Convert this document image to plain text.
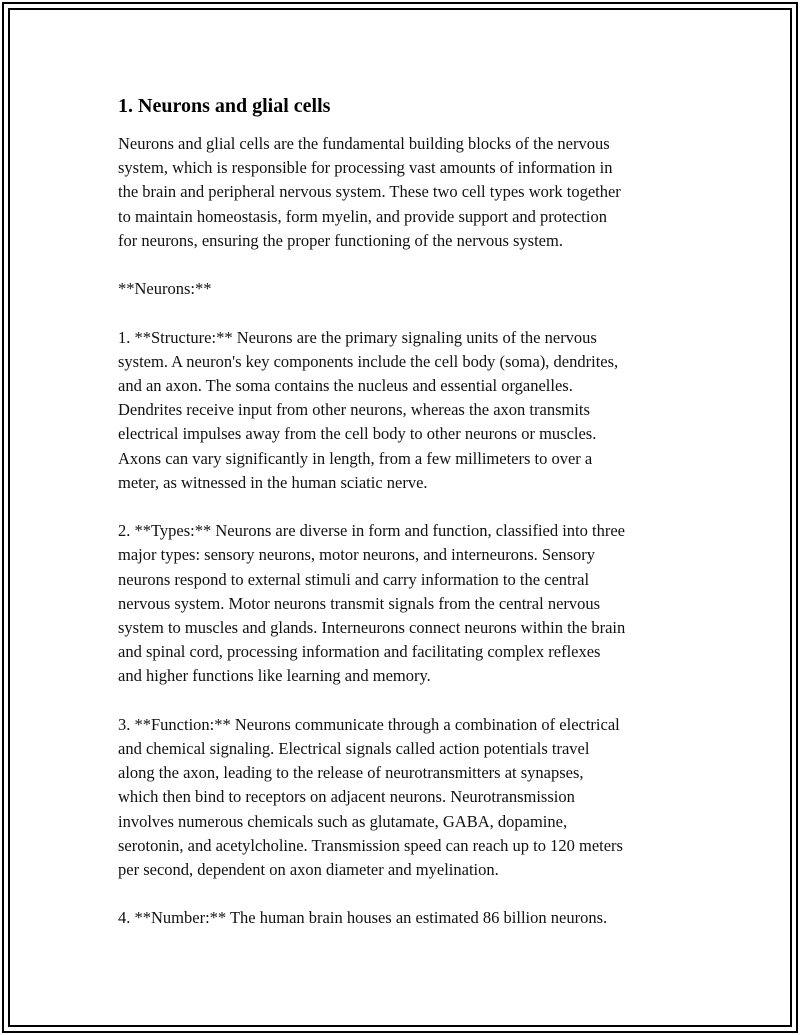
1. Neurons and glial cells
Neurons and glial cells are the fundamental building blocks of the nervous
system, which is responsible for processing vast amounts of information in
the brain and peripheral nervous system. These two cell types work together
to maintain homeostasis, form myelin, and provide support and protection
for neurons, ensuring the proper functioning of the nervous system.
**Neurons:**
1. **Structure:** Neurons are the primary signaling units of the nervous
system. A neuron's key components include the cell body (soma), dendrites,
and an axon. The soma contains the nucleus and essential organelles.
Dendrites receive input from other neurons, whereas the axon transmits
electrical impulses away from the cell body to other neurons or muscles.
Axons can vary significantly in length, from a few millimeters to over a
meter, as witnessed in the human sciatic nerve.
2. **Types:** Neurons are diverse in form and function, classified into three
major types: sensory neurons, motor neurons, and interneurons. Sensory
neurons respond to external stimuli and carry information to the central
nervous system. Motor neurons transmit signals from the central nervous
system to muscles and glands. Interneurons connect neurons within the brain
and spinal cord, processing information and facilitating complex reflexes
and higher functions like learning and memory.
3. **Function:** Neurons communicate through a combination of electrical
and chemical signaling. Electrical signals called action potentials travel
along the axon, leading to the release of neurotransmitters at synapses,
which then bind to receptors on adjacent neurons. Neurotransmission
involves numerous chemicals such as glutamate, GABA, dopamine,
serotonin, and acetylcholine. Transmission speed can reach up to 120 meters
per second, dependent on axon diameter and myelination.
4. **Number:** The human brain houses an estimated 86 billion neurons.
